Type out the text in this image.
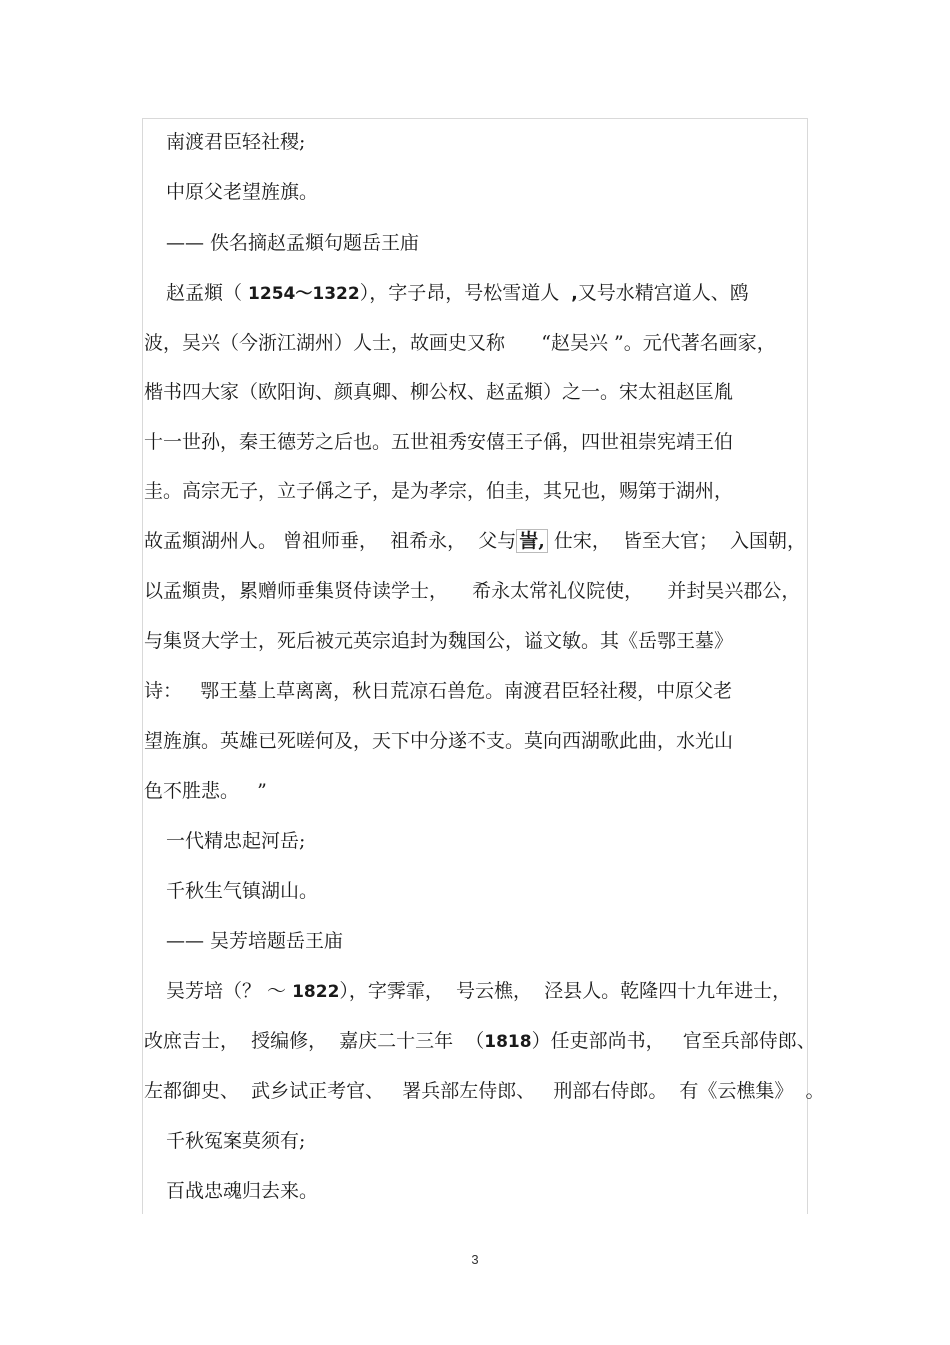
南渡君臣轻社稷;
中原父老望旌旗。
—— 佚名摘赵孟頫句题岳王庙
赵孟頫（ 1254～1322），字子昂，号松雪道人  ,又号水精宫道人、鸥
波，吴兴（今浙江湖州）人士，故画史又称      “赵吴兴 ”。元代著名画家，
楷书四大家（欧阳询、颜真卿、柳公权、赵孟頫）之一。宋太祖赵匡胤
十一世孙，秦王德芳之后也。五世祖秀安僖王子偁，四世祖崇宪靖王伯
圭。高宗无子，立子偁之子，是为孝宗，伯圭，其兄也，赐第于湖州，
故孟頫湖州人。 曾祖师垂，  祖希永，  父与 訔, 仕宋，  皆至大官；  入国朝，
以孟頫贵，累赠师垂集贤侍读学士，    希永太常礼仪院使，    并封吴兴郡公，
与集贤大学士，死后被元英宗追封为魏国公，谥文敏。其《岳鄂王墓》
诗：   鄂王墓上草离离，秋日荒凉石兽危。南渡君臣轻社稷，中原父老
望旌旗。英雄已死嗟何及，天下中分遂不支。莫向西湖歌此曲，水光山
色不胜悲。   ”
一代精忠起河岳;
千秋生气镇湖山。
—— 吴芳培题岳王庙
吴芳培（？ ～ 1822），字霁霏，  号云樵，  泾县人。乾隆四十九年进士，
改庶吉士，  授编修，  嘉庆二十三年  （1818）任吏部尚书，   官至兵部侍郎、
左都御史、  武乡试正考官、   署兵部左侍郎、   刑部右侍郎。  有《云樵集》  。
千秋冤案莫须有;
百战忠魂归去来。
3
